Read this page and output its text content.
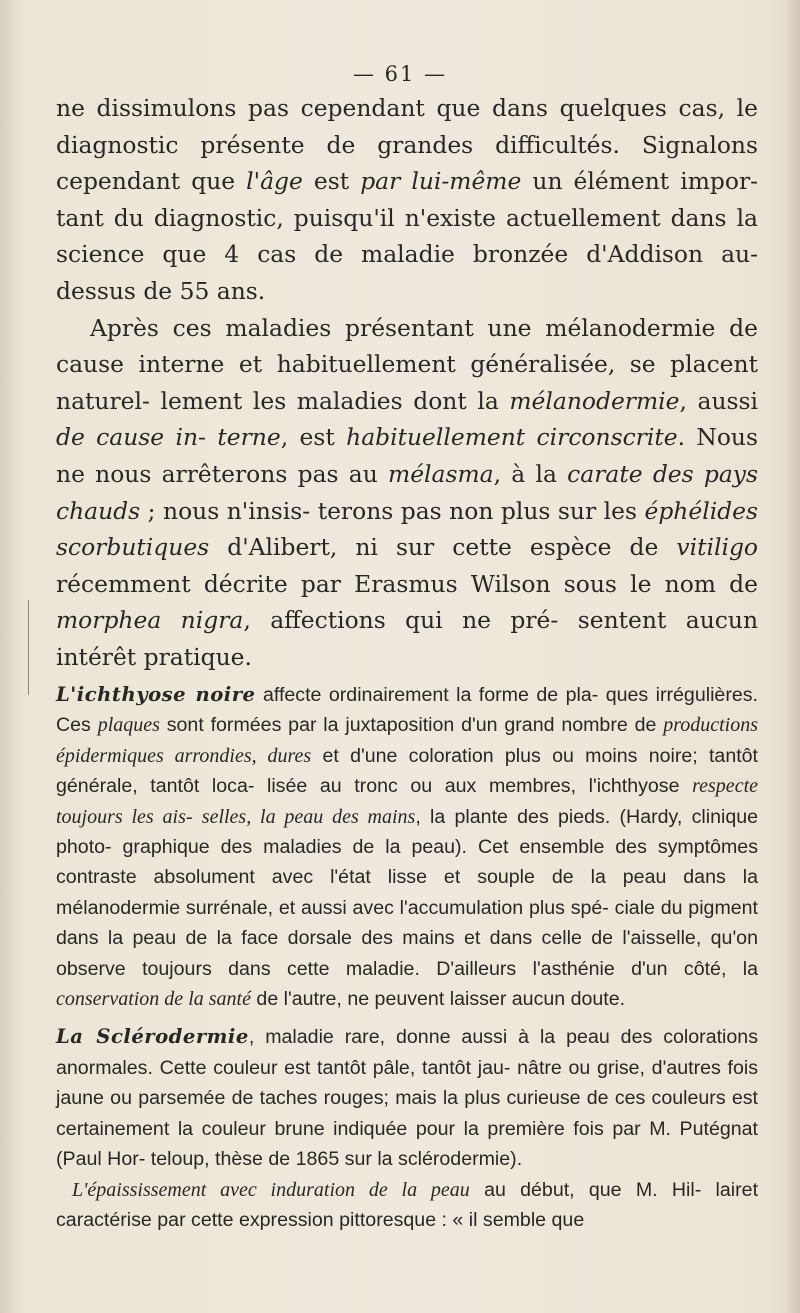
— 61 —

ne dissimulons pas cependant que dans quelques cas, le diagnostic présente de grandes difficultés. Signalons cependant que l'âge est par lui-même un élément impor- tant du diagnostic, puisqu'il n'existe actuellement dans la science que 4 cas de maladie bronzée d'Addison au- dessus de 55 ans.

Après ces maladies présentant une mélanodermie de cause interne et habituellement généralisée, se placent naturel- lement les maladies dont la mélanodermie, aussi de cause in- terne, est habituellement circonscrite. Nous ne nous arrêterons pas au mélasma, à la carate des pays chauds ; nous n'insis- terons pas non plus sur les éphélides scorbutiques d'Alibert, ni sur cette espèce de vitiligo récemment décrite par Erasmus Wilson sous le nom de morphea nigra, affections qui ne pré- sentent aucun intérêt pratique.

L'ichthyose noire affecte ordinairement la forme de pla- ques irrégulières. Ces plaques sont formées par la juxtaposition d'un grand nombre de productions épidermiques arrondies, dures et d'une coloration plus ou moins noire; tantôt générale, tantôt loca- lisée au tronc ou aux membres, l'ichthyose respecte toujours les ais- selles, la peau des mains, la plante des pieds. (Hardy, clinique photo- graphique des maladies de la peau). Cet ensemble des symptômes contraste absolument avec l'état lisse et souple de la peau dans la mélanodermie surrénale, et aussi avec l'accumulation plus spé- ciale du pigment dans la peau de la face dorsale des mains et dans celle de l'aisselle, qu'on observe toujours dans cette maladie. D'ailleurs l'asthénie d'un côté, la conservation de la santé de l'autre, ne peuvent laisser aucun doute.

La Sclérodermie, maladie rare, donne aussi à la peau des colorations anormales. Cette couleur est tantôt pâle, tantôt jau- nâtre ou grise, d'autres fois jaune ou parsemée de taches rouges; mais la plus curieuse de ces couleurs est certainement la couleur brune indiquée pour la première fois par M. Putégnat (Paul Hor- teloup, thèse de 1865 sur la sclérodermie).

L'épaississement avec induration de la peau au début, que M. Hil- lairet caractérise par cette expression pittoresque : « il semble que
